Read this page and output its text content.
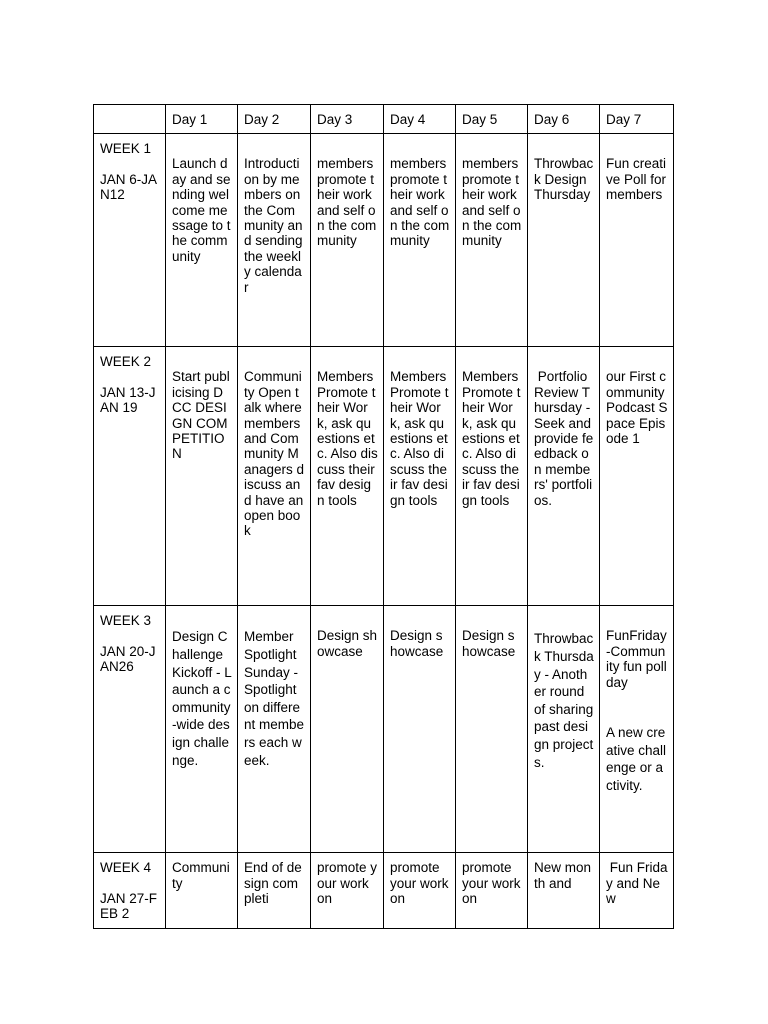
	Day 1	Day 2	Day 3	Day 4	Day 5	Day 6	Day 7

WEEK 1
JAN 6-JAN12	Launch day and sending welcome message to the community	Introduction by members on the Community and sending the weekly calendar	members promote their work and self on the community	members promote their work and self on the community	members promote their work and self on the community	Throwback Design Thursday	Fun creative Poll for members

WEEK 2
JAN 13-JAN 19	Start publicising DCC DESIGN COMPETITION	Community Open talk where members and Community Managers discuss and have an open book	Members Promote their Work, ask questions etc. Also discuss their fav design tools	Members Promote their Work, ask questions etc. Also discuss their fav design tools	Members Promote their Work, ask questions etc. Also discuss their fav design tools	Portfolio Review Thursday - Seek and provide feedback on members' portfolios.	our First community Podcast Space Episode 1

WEEK 3
JAN 20-JAN26	Design Challenge Kickoff - Launch a community-wide design challenge.	Member Spotlight Sunday - Spotlight on different members each week.	Design showcase	Design showcase	Design showcase	Throwback Thursday - Another round of sharing past design projects.	FunFriday-Community fun poll day
A new creative challenge or activity.

WEEK 4
JAN 27-FEB 2	Community	End of design completi	promote your work on	promote your work on	promote your work on	New month and	Fun Friday and New
